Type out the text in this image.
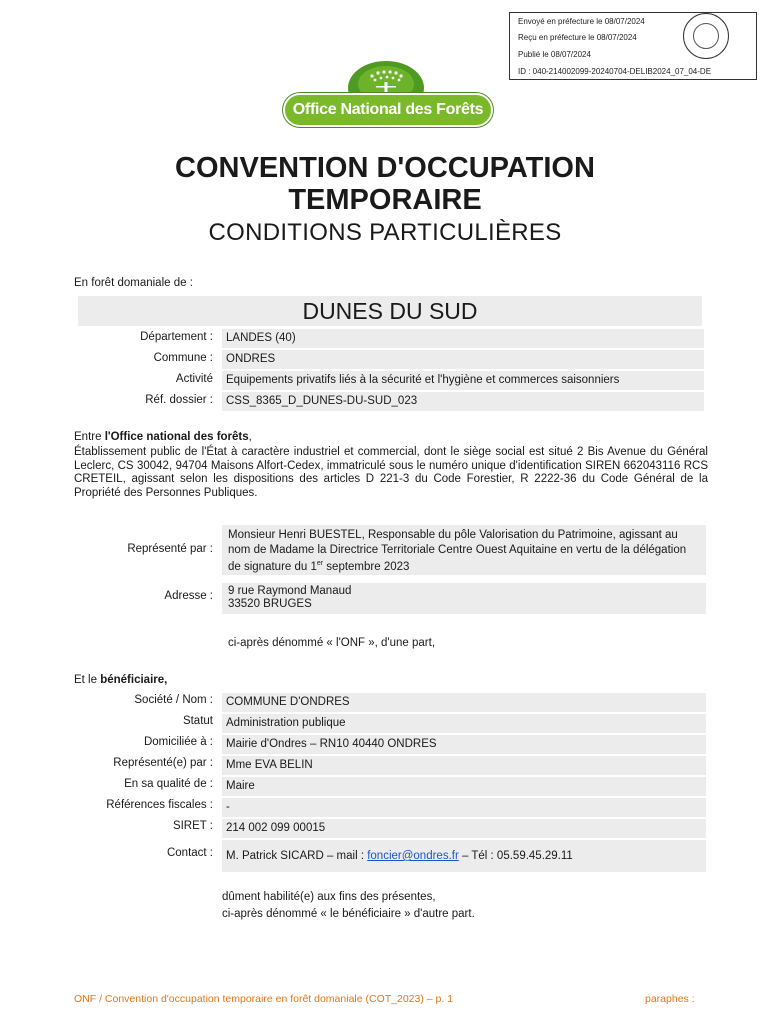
Envoyé en préfecture le 08/07/2024
Reçu en préfecture le 08/07/2024
Publié le 08/07/2024
ID : 040-214002099-20240704-DELIB2024_07_04-DE
Office National des Forêts
CONVENTION D'OCCUPATION
TEMPORAIRE
CONDITIONS PARTICULIÈRES
En forêt domaniale de :
DUNES DU SUD
Département :	LANDES (40)
Commune :	ONDRES
Activité	Equipements privatifs liés à la sécurité et l'hygiène et commerces saisonniers
Réf. dossier :	CSS_8365_D_DUNES-DU-SUD_023
Entre l'Office national des forêts,
Établissement public de l'État à caractère industriel et commercial, dont le siège social est situé 2 Bis Avenue du Général Leclerc, CS 30042, 94704 Maisons Alfort-Cedex, immatriculé sous le numéro unique d'identification SIREN 662043116 RCS CRETEIL, agissant selon les dispositions des articles D 221-3 du Code Forestier, R 2222-36 du Code Général de la Propriété des Personnes Publiques.
Représenté par :
Monsieur Henri BUESTEL, Responsable du pôle Valorisation du Patrimoine, agissant au nom de Madame la Directrice Territoriale Centre Ouest Aquitaine en vertu de la délégation de signature du 1er septembre 2023
Adresse : 9 rue Raymond Manaud
33520 BRUGES
ci-après dénommé « l'ONF », d'une part,
Et le bénéficiaire,
Société / Nom :	COMMUNE D'ONDRES
Statut	Administration publique
Domiciliée à :	Mairie d'Ondres – RN10 40440 ONDRES
Représenté(e) par :	Mme EVA BELIN
En sa qualité de :	Maire
Références fiscales :	-
SIRET :	214 002 099 00015
Contact :	M. Patrick SICARD – mail : foncier@ondres.fr – Tél : 05.59.45.29.11
dûment habilité(e) aux fins des présentes,
ci-après dénommé « le bénéficiaire » d'autre part.
ONF / Convention d'occupation temporaire en forêt domaniale (COT_2023) – p. 1	paraphes :
